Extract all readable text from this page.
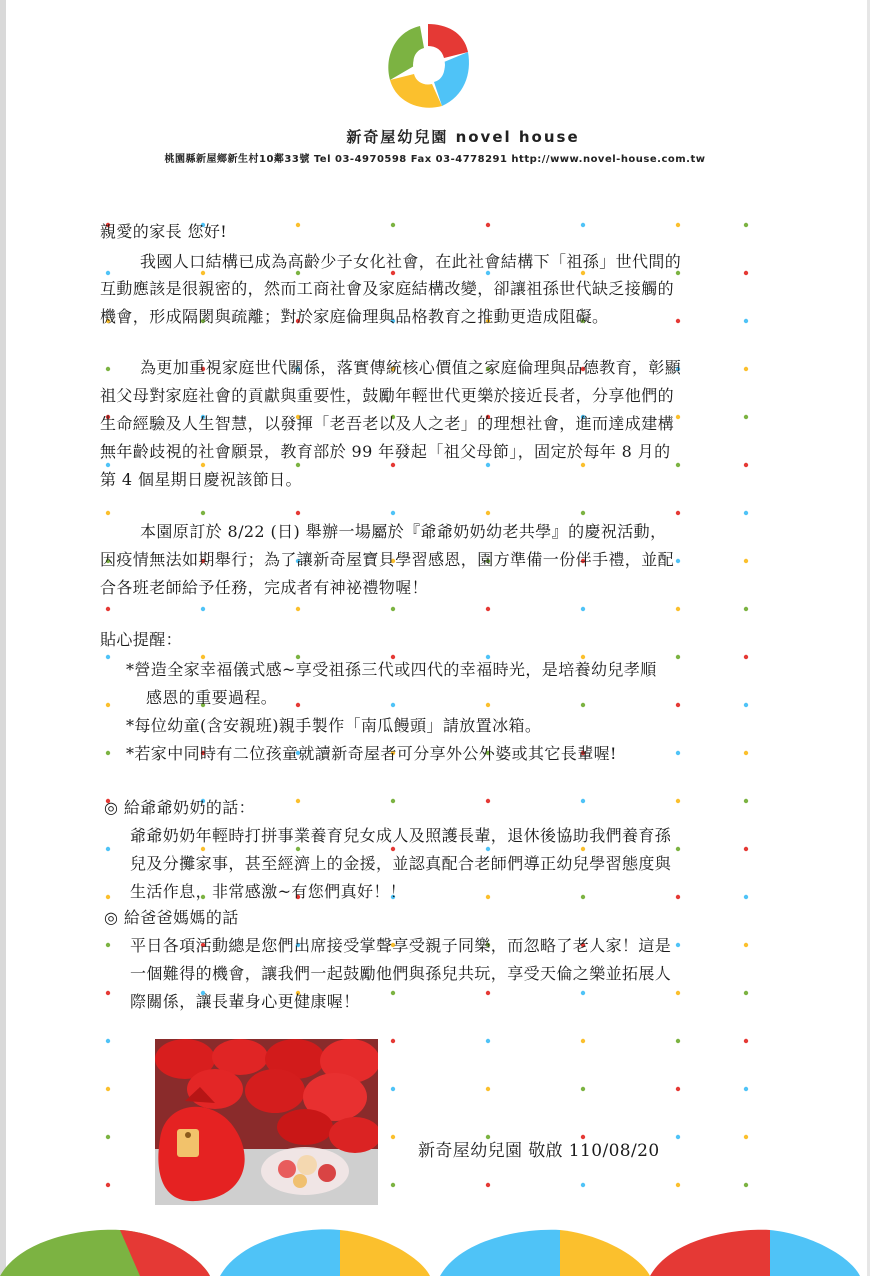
新奇屋幼兒園 novel house
桃園縣新屋鄉新生村10鄰33號 Tel 03-4970598 Fax 03-4778291 http://www.novel-house.com.tw
親愛的家長 您好!
我國人口結構已成為高齡少子女化社會，在此社會結構下「祖孫」世代間的
互動應該是很親密的，然而工商社會及家庭結構改變，卻讓祖孫世代缺乏接觸的
機會，形成隔閡與疏離；對於家庭倫理與品格教育之推動更造成阻礙。
為更加重視家庭世代關係，落實傳統核心價值之家庭倫理與品德教育，彰顯
祖父母對家庭社會的貢獻與重要性，鼓勵年輕世代更樂於接近長者，分享他們的
生命經驗及人生智慧，以發揮「老吾老以及人之老」的理想社會，進而達成建構
無年齡歧視的社會願景，教育部於 99 年發起「祖父母節」，固定於每年 8 月的
第 4 個星期日慶祝該節日。
本園原訂於 8/22 (日) 舉辦一場屬於『爺爺奶奶幼老共學』的慶祝活動，
因疫情無法如期舉行；為了讓新奇屋寶貝學習感恩，園方準備一份伴手禮，並配
合各班老師給予任務，完成者有神祕禮物喔！
貼心提醒：
*營造全家幸福儀式感~享受祖孫三代或四代的幸福時光，是培養幼兒孝順
感恩的重要過程。
*每位幼童(含安親班)親手製作「南瓜饅頭」請放置冰箱。
*若家中同時有二位孩童就讀新奇屋者可分享外公外婆或其它長輩喔!
◎ 給爺爺奶奶的話：
爺爺奶奶年輕時打拼事業養育兒女成人及照護長輩，退休後協助我們養育孫
兒及分攤家事，甚至經濟上的金援，並認真配合老師們導正幼兒學習態度與
生活作息，非常感激~有您們真好！！
◎ 給爸爸媽媽的話
平日各項活動總是您們出席接受掌聲享受親子同樂，而忽略了老人家！這是
一個難得的機會，讓我們一起鼓勵他們與孫兒共玩，享受天倫之樂並拓展人
際關係，讓長輩身心更健康喔！
新奇屋幼兒園 敬啟 110/08/20
